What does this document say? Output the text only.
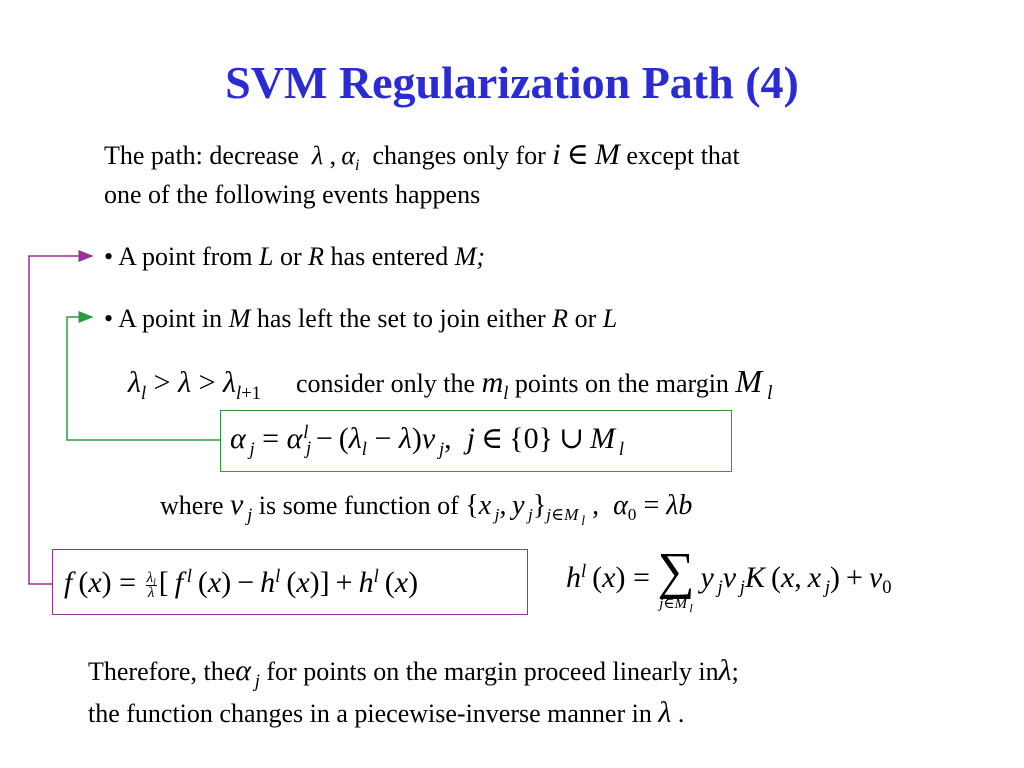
SVM Regularization Path (4)
The path: decrease  λ , $\alpha_i$ changes only for i ∈ M except that
one of the following events happens
• A point from L or R has entered M;
• A point in M has left the set to join either R or L
$\lambda_l > \lambda > \lambda_{l+1}$ consider only the $m_l$ points on the margin M $_l$
α $_j$ = α $_j^l - (\lambda_l - \lambda)\nu$ $_j$,  j ∈ {0} ∪ M $_l$
where ν $_j$ is some function of {x $_j$, y $_j\}_{j\in M _l}$ ,  $\alpha_0 = \lambda b$
f $(x) = \frac{\lambda_l}{\lambda}$ [ f $^l$ $(x) - h^l$ $(x)] + h^l$ (x)	$h^l$ (x) = ∑
j∈M $_l$
 y $_j$ν $_j$K (x, x $_j) + \nu_0$
Therefore, theα $_j$ for points on the margin proceed linearly inλ;
the function changes in a piecewise-inverse manner in λ .
